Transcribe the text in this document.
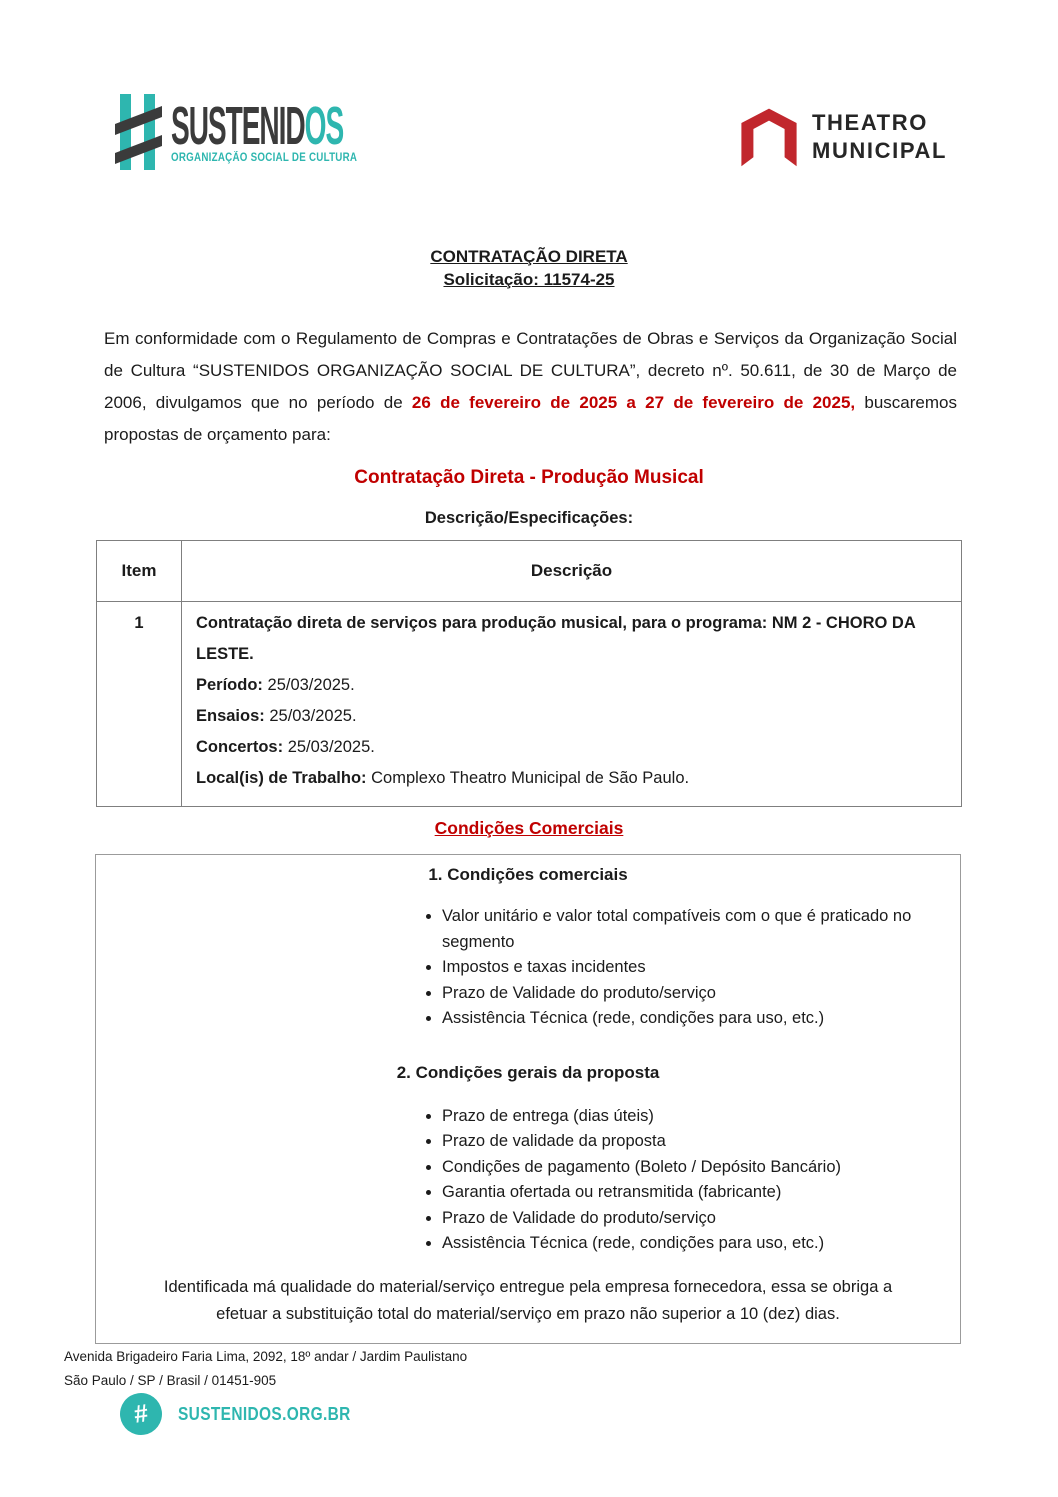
SUSTENIDOS
ORGANIZAÇÃO SOCIAL DE CULTURA
THEATRO
MUNICIPAL
CONTRATAÇÃO DIRETA
Solicitação: 11574-25

Em conformidade com o Regulamento de Compras e Contratações de Obras e Serviços da Organização Social de Cultura “SUSTENIDOS ORGANIZAÇÃO SOCIAL DE CULTURA”, decreto nº. 50.611, de 30 de Março de 2006, divulgamos que no período de 26 de fevereiro de 2025 a 27 de fevereiro de 2025, buscaremos propostas de orçamento para:

Contratação Direta - Produção Musical
Descrição/Especificações:
Item	Descrição
1	Contratação direta de serviços para produção musical, para o programa: NM 2 - CHORO DA LESTE.
Período: 25/03/2025.
Ensaios: 25/03/2025.
Concertos: 25/03/2025.
Local(is) de Trabalho: Complexo Theatro Municipal de São Paulo.
Condições Comerciais
1. Condições comerciais
• Valor unitário e valor total compatíveis com o que é praticado no segmento
• Impostos e taxas incidentes
• Prazo de Validade do produto/serviço
• Assistência Técnica (rede, condições para uso, etc.)
2. Condições gerais da proposta
• Prazo de entrega (dias úteis)
• Prazo de validade da proposta
• Condições de pagamento (Boleto / Depósito Bancário)
• Garantia ofertada ou retransmitida (fabricante)
• Prazo de Validade do produto/serviço
• Assistência Técnica (rede, condições para uso, etc.)
Identificada má qualidade do material/serviço entregue pela empresa fornecedora, essa se obriga a efetuar a substituição total do material/serviço em prazo não superior a 10 (dez) dias.
Avenida Brigadeiro Faria Lima, 2092, 18º andar / Jardim Paulistano
São Paulo / SP / Brasil / 01451-905
#	SUSTENIDOS.ORG.BR
